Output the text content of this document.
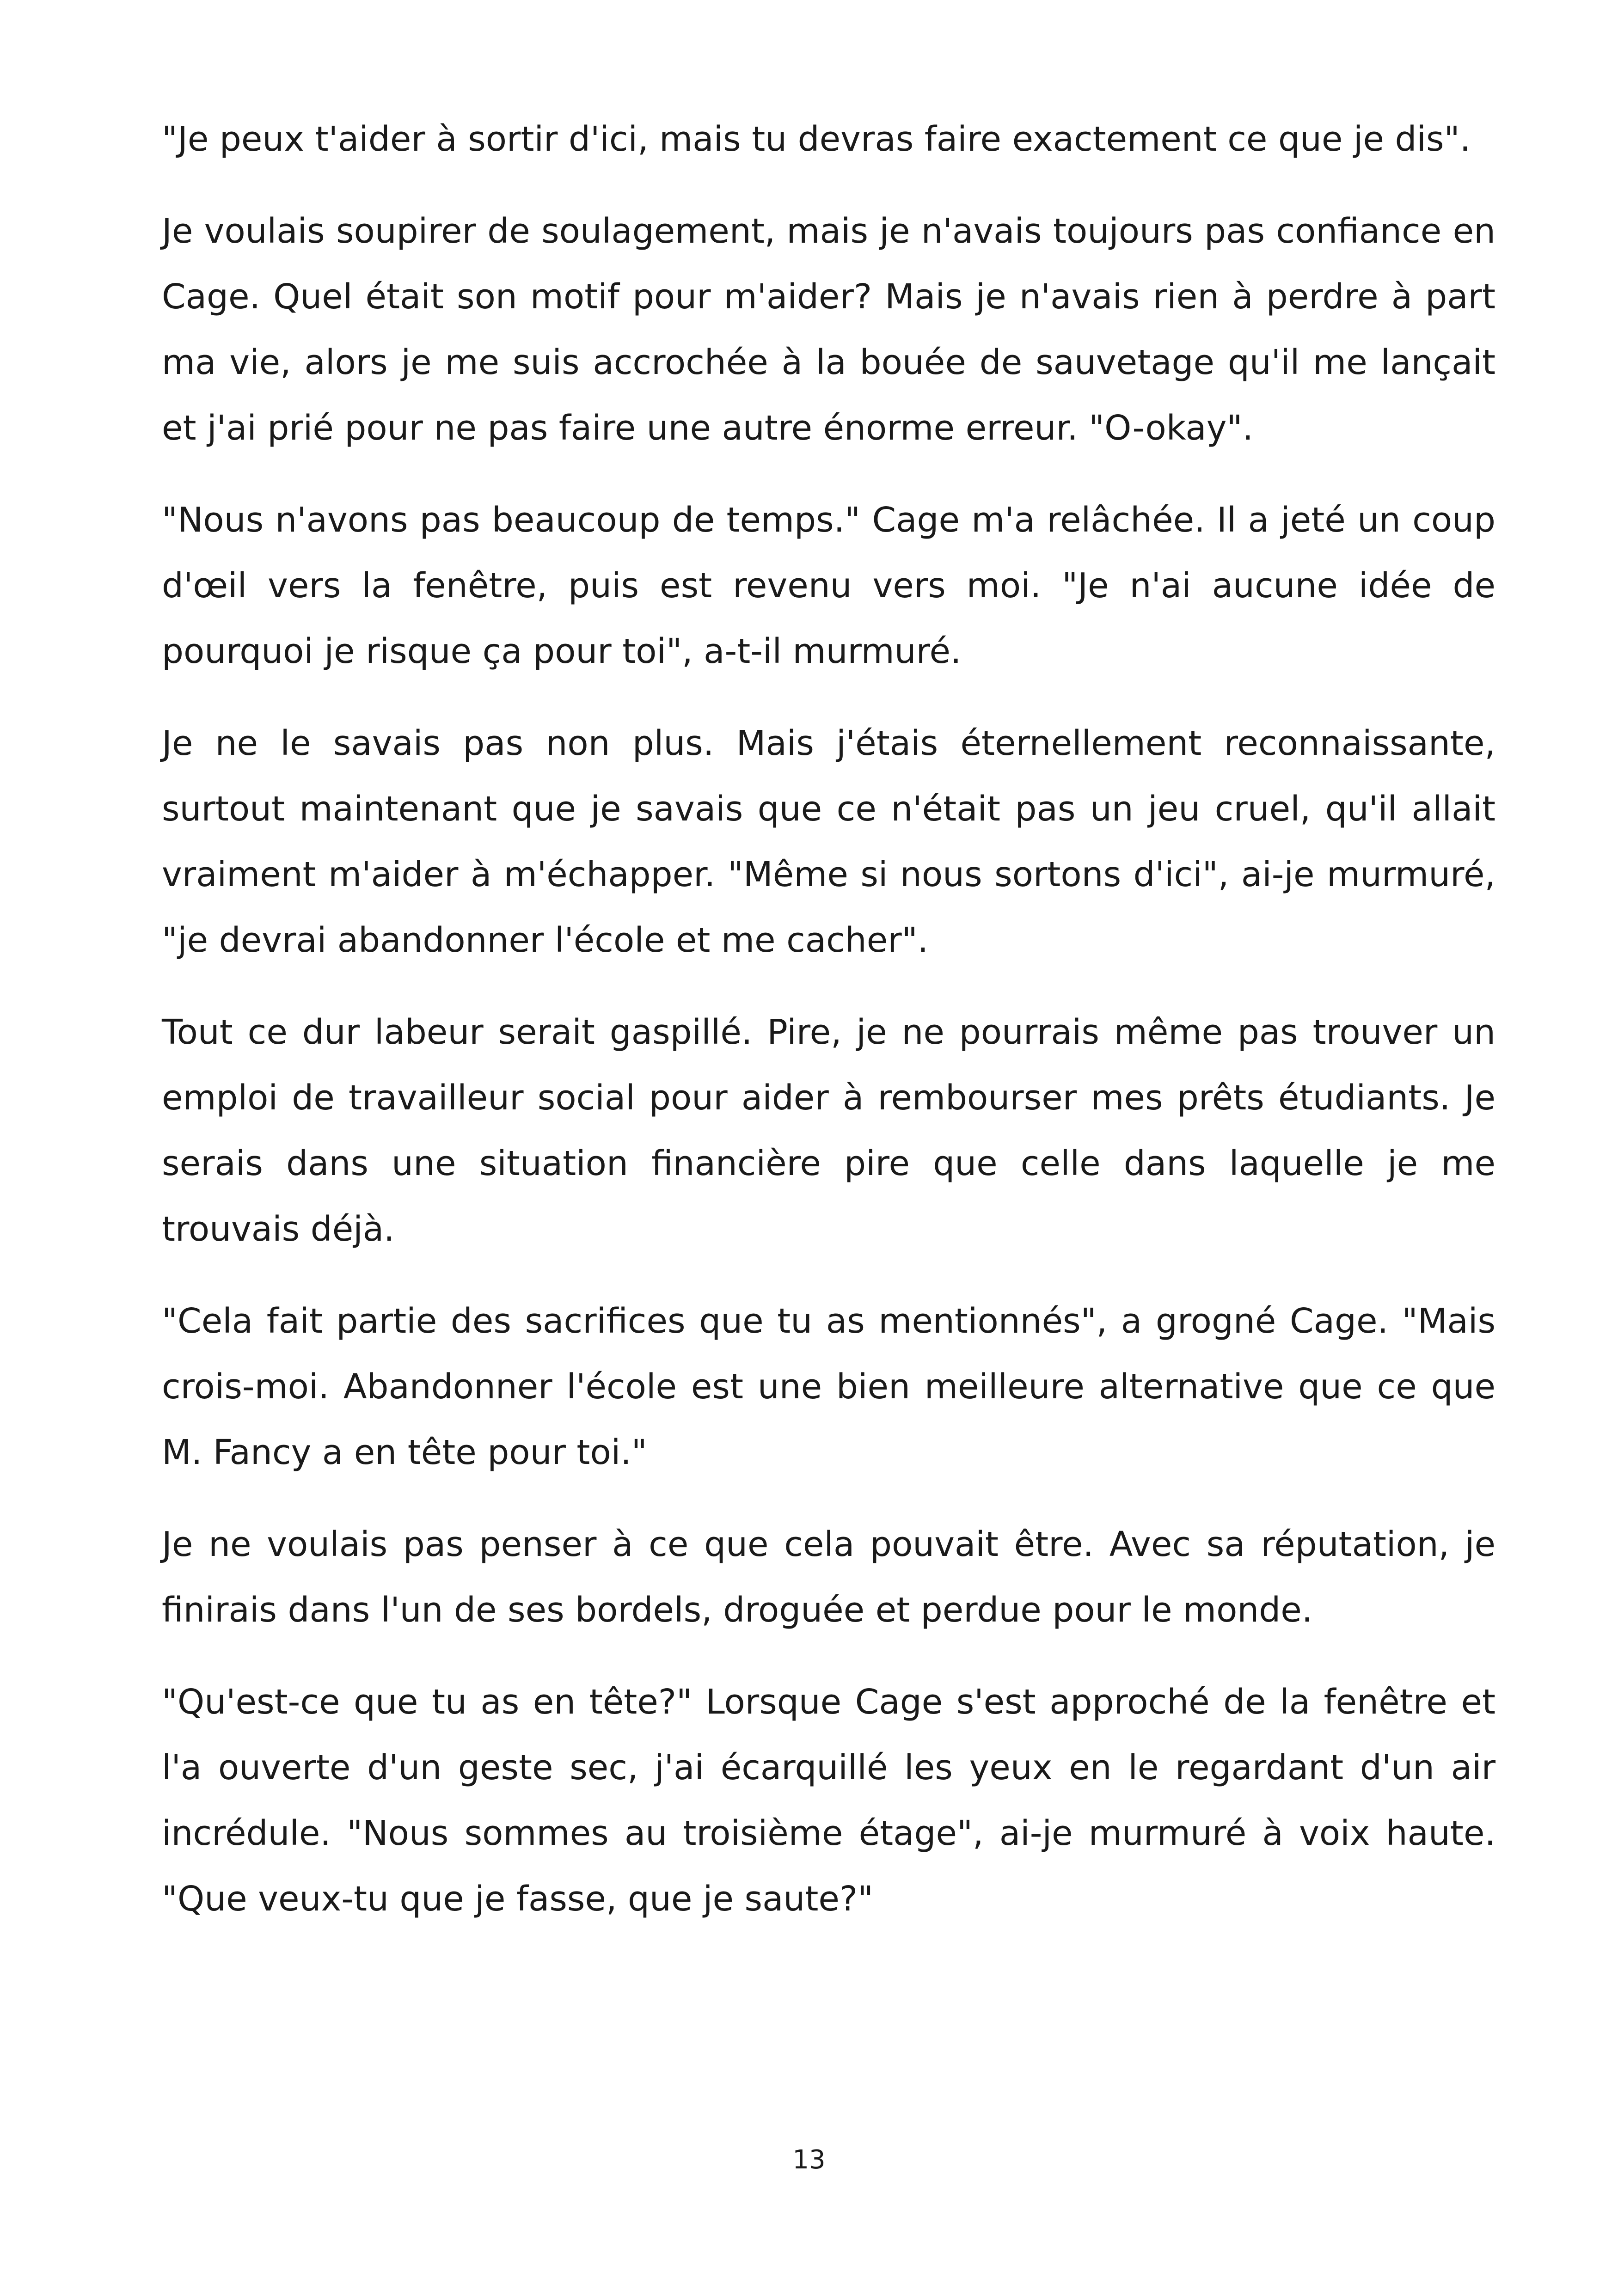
"Je peux t'aider à sortir d'ici, mais tu devras faire exactement ce que je dis".

Je voulais soupirer de soulagement, mais je n'avais toujours pas confiance en Cage. Quel était son motif pour m'aider? Mais je n'avais rien à perdre à part ma vie, alors je me suis accrochée à la bouée de sauvetage qu'il me lançait et j'ai prié pour ne pas faire une autre énorme erreur. "O-okay".

"Nous n'avons pas beaucoup de temps." Cage m'a relâchée. Il a jeté un coup d'œil vers la fenêtre, puis est revenu vers moi. "Je n'ai aucune idée de pourquoi je risque ça pour toi", a-t-il murmuré.

Je ne le savais pas non plus. Mais j'étais éternellement reconnaissante, surtout maintenant que je savais que ce n'était pas un jeu cruel, qu'il allait vraiment m'aider à m'échapper. "Même si nous sortons d'ici", ai-je murmuré, "je devrai abandonner l'école et me cacher".

Tout ce dur labeur serait gaspillé. Pire, je ne pourrais même pas trouver un emploi de travailleur social pour aider à rembourser mes prêts étudiants. Je serais dans une situation financière pire que celle dans laquelle je me trouvais déjà.

"Cela fait partie des sacrifices que tu as mentionnés", a grogné Cage. "Mais crois-moi. Abandonner l'école est une bien meilleure alternative que ce que M. Fancy a en tête pour toi."

Je ne voulais pas penser à ce que cela pouvait être. Avec sa réputation, je finirais dans l'un de ses bordels, droguée et perdue pour le monde.

"Qu'est-ce que tu as en tête?" Lorsque Cage s'est approché de la fenêtre et l'a ouverte d'un geste sec, j'ai écarquillé les yeux en le regardant d'un air incrédule. "Nous sommes au troisième étage", ai-je murmuré à voix haute. "Que veux-tu que je fasse, que je saute?"

13
